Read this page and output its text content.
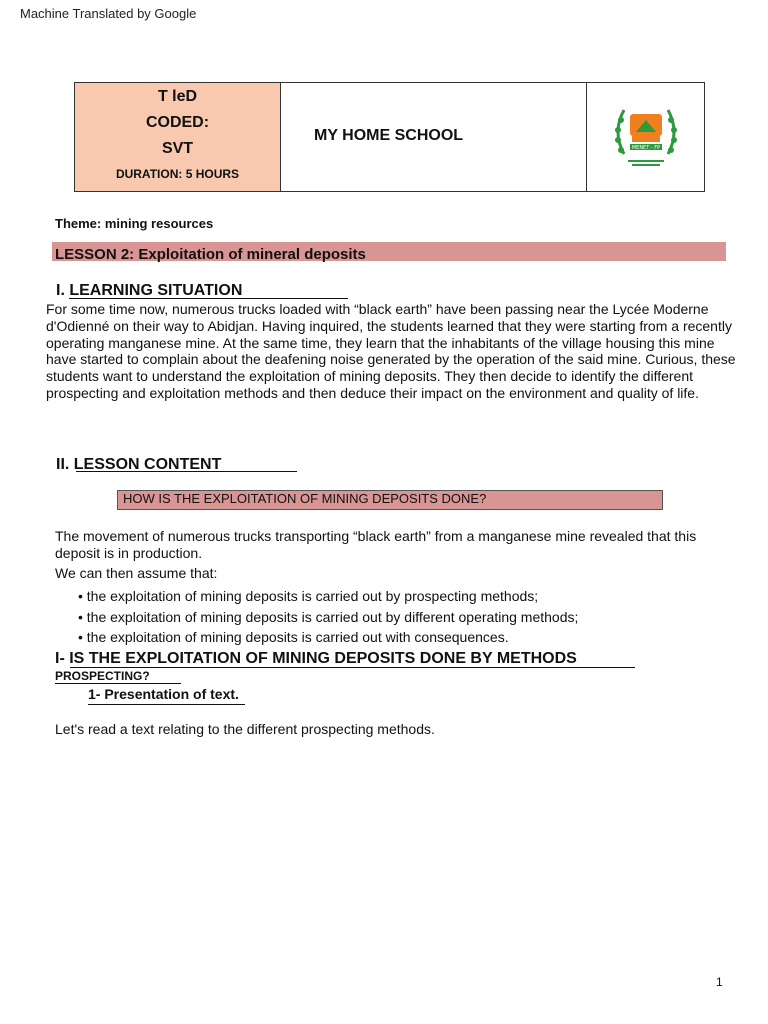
Machine Translated by Google
T leD
CODED:
SVT
DURATION: 5 HOURS
MY HOME SCHOOL
MENET - FP
Theme: mining resources
LESSON 2: Exploitation of mineral deposits
I. LEARNING SITUATION
For some time now, numerous trucks loaded with “black earth” have been passing near the Lycée Moderne d'Odienné on their way to Abidjan. Having inquired, the students learned that they were starting from a recently operating manganese mine. At the same time, they learn that the inhabitants of the village housing this mine have started to complain about the deafening noise generated by the operation of the said mine. Curious, these students want to understand the exploitation of mining deposits. They then decide to identify the different prospecting and exploitation methods and then deduce their impact on the environment and quality of life.
II. LESSON CONTENT
HOW IS THE EXPLOITATION OF MINING DEPOSITS DONE?
The movement of numerous trucks transporting “black earth” from a manganese mine revealed that this deposit is in production.
We can then assume that:
• the exploitation of mining deposits is carried out by prospecting methods;
• the exploitation of mining deposits is carried out by different operating methods;
• the exploitation of mining deposits is carried out with consequences.
I- IS THE EXPLOITATION OF MINING DEPOSITS DONE BY METHODS
PROSPECTING?
1- Presentation of text.
Let's read a text relating to the different prospecting methods.
1
